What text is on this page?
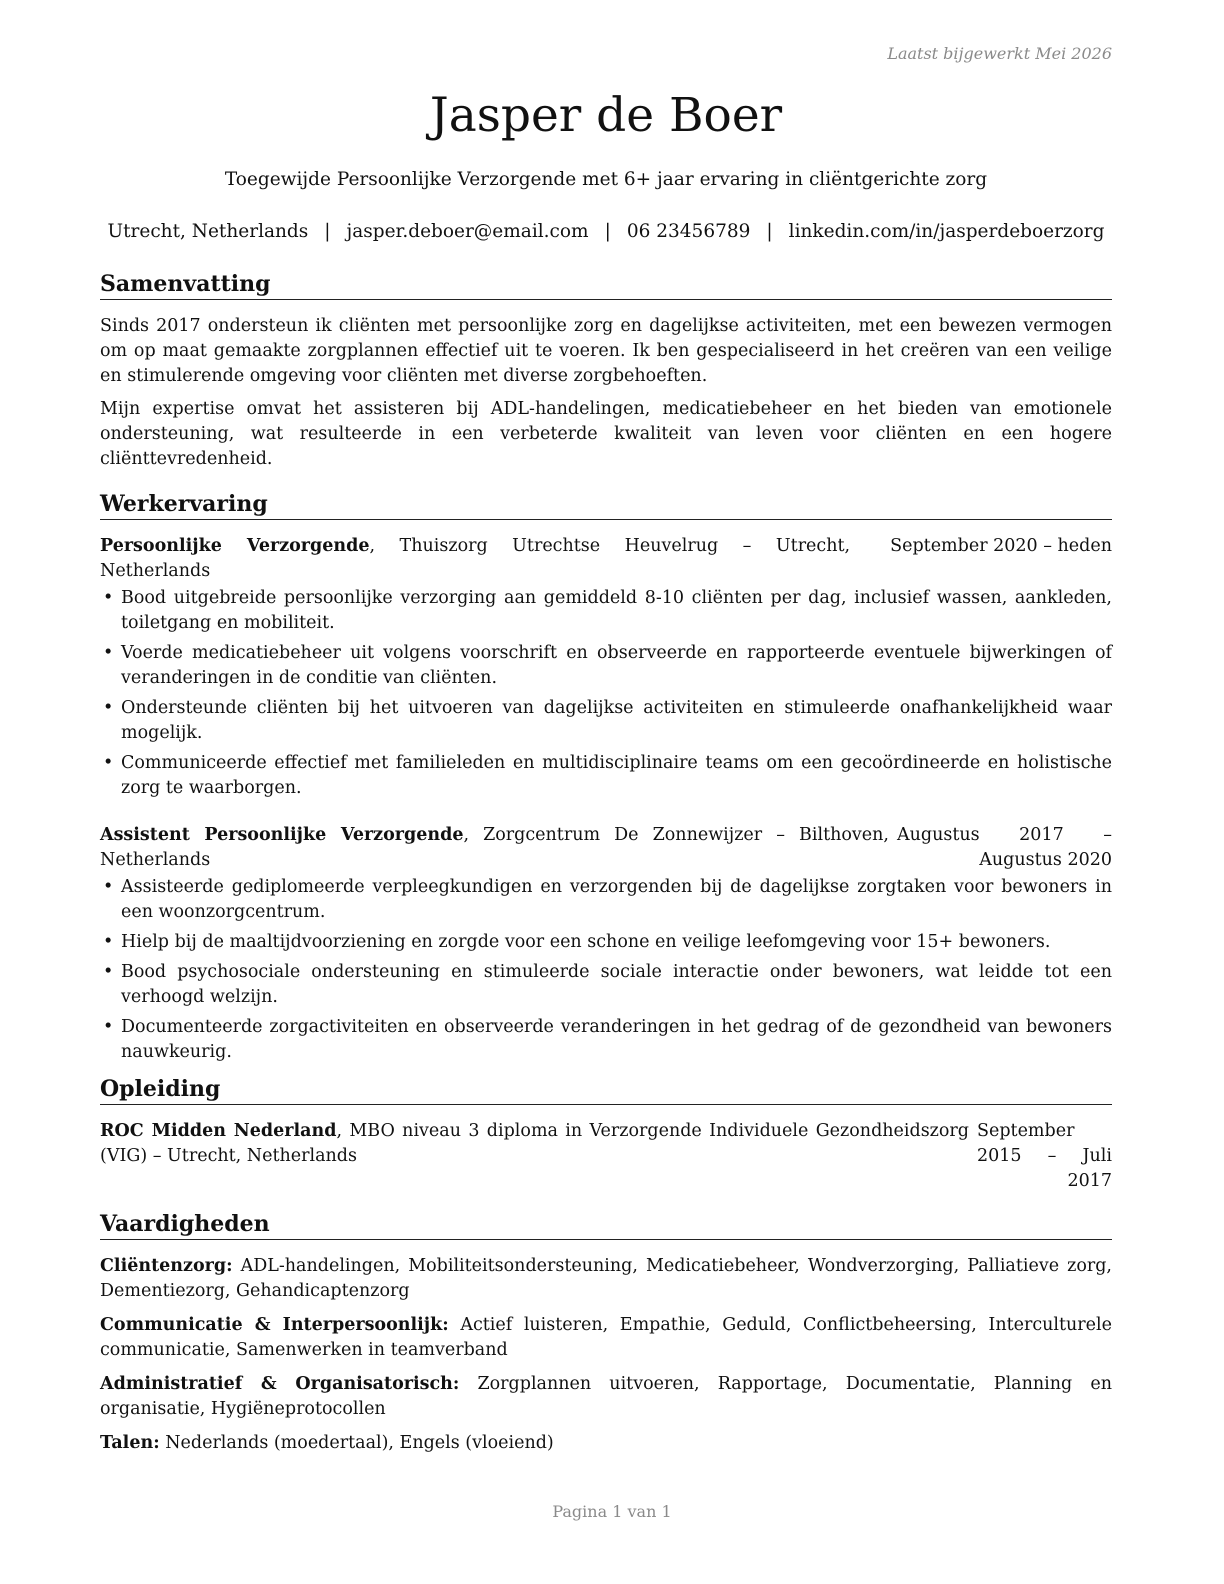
Laatst bijgewerkt Mei 2026
Jasper de Boer
Toegewijde Persoonlijke Verzorgende met 6+ jaar ervaring in cliëntgerichte zorg
Utrecht, Netherlands | jasper.deboer@email.com | 06 23456789 | linkedin.com/in/jasperdeboerzorg
Samenvatting

Sinds 2017 ondersteun ik cliënten met persoonlijke zorg en dagelijkse activiteiten, met een bewezen vermogen om op maat gemaakte zorgplannen effectief uit te voeren. Ik ben gespecialiseerd in het creëren van een veilige en stimulerende omgeving voor cliënten met diverse zorgbehoeften.

Mijn expertise omvat het assisteren bij ADL-handelingen, medicatiebeheer en het bieden van emotionele ondersteuning, wat resulteerde in een verbeterde kwaliteit van leven voor cliënten en een hogere cliënttevredenheid.

Werkervaring
Persoonlijke Verzorgende, Thuiszorg Utrechtse Heuvelrug – Utrecht, Netherlands
September 2020 – heden
• Bood uitgebreide persoonlijke verzorging aan gemiddeld 8-10 cliënten per dag, inclusief wassen, aankleden, toiletgang en mobiliteit.
• Voerde medicatiebeheer uit volgens voorschrift en observeerde en rapporteerde eventuele bijwerkingen of veranderingen in de conditie van cliënten.
• Ondersteunde cliënten bij het uitvoeren van dagelijkse activiteiten en stimuleerde onafhankelijkheid waar mogelijk.
• Communiceerde effectief met familieleden en multidisciplinaire teams om een gecoördineerde en holistische zorg te waarborgen.
Assistent Persoonlijke Verzorgende, Zorgcentrum De Zonnewijzer – Bilthoven, Netherlands
Augustus 2017 – Augustus 2020
• Assisteerde gediplomeerde verpleegkundigen en verzorgenden bij de dagelijkse zorgtaken voor bewoners in een woonzorgcentrum.
• Hielp bij de maaltijdvoorziening en zorgde voor een schone en veilige leefomgeving voor 15+ bewoners.
• Bood psychosociale ondersteuning en stimuleerde sociale interactie onder bewoners, wat leidde tot een verhoogd welzijn.
• Documenteerde zorgactiviteiten en observeerde veranderingen in het gedrag of de gezondheid van bewoners nauwkeurig.
Opleiding
ROC Midden Nederland, MBO niveau 3 diploma in Verzorgende Individuele Gezondheidszorg (VIG) – Utrecht, Netherlands
September 2015 – Juli 2017
Vaardigheden

Cliëntenzorg: ADL-handelingen, Mobiliteitsondersteuning, Medicatiebeheer, Wondverzorging, Palliatieve zorg, Dementiezorg, Gehandicaptenzorg

Communicatie & Interpersoonlijk: Actief luisteren, Empathie, Geduld, Conflictbeheersing, Interculturele communicatie, Samenwerken in teamverband

Administratief & Organisatorisch: Zorgplannen uitvoeren, Rapportage, Documentatie, Planning en organisatie, Hygiëneprotocollen

Talen: Nederlands (moedertaal), Engels (vloeiend)

Pagina 1 van 1
